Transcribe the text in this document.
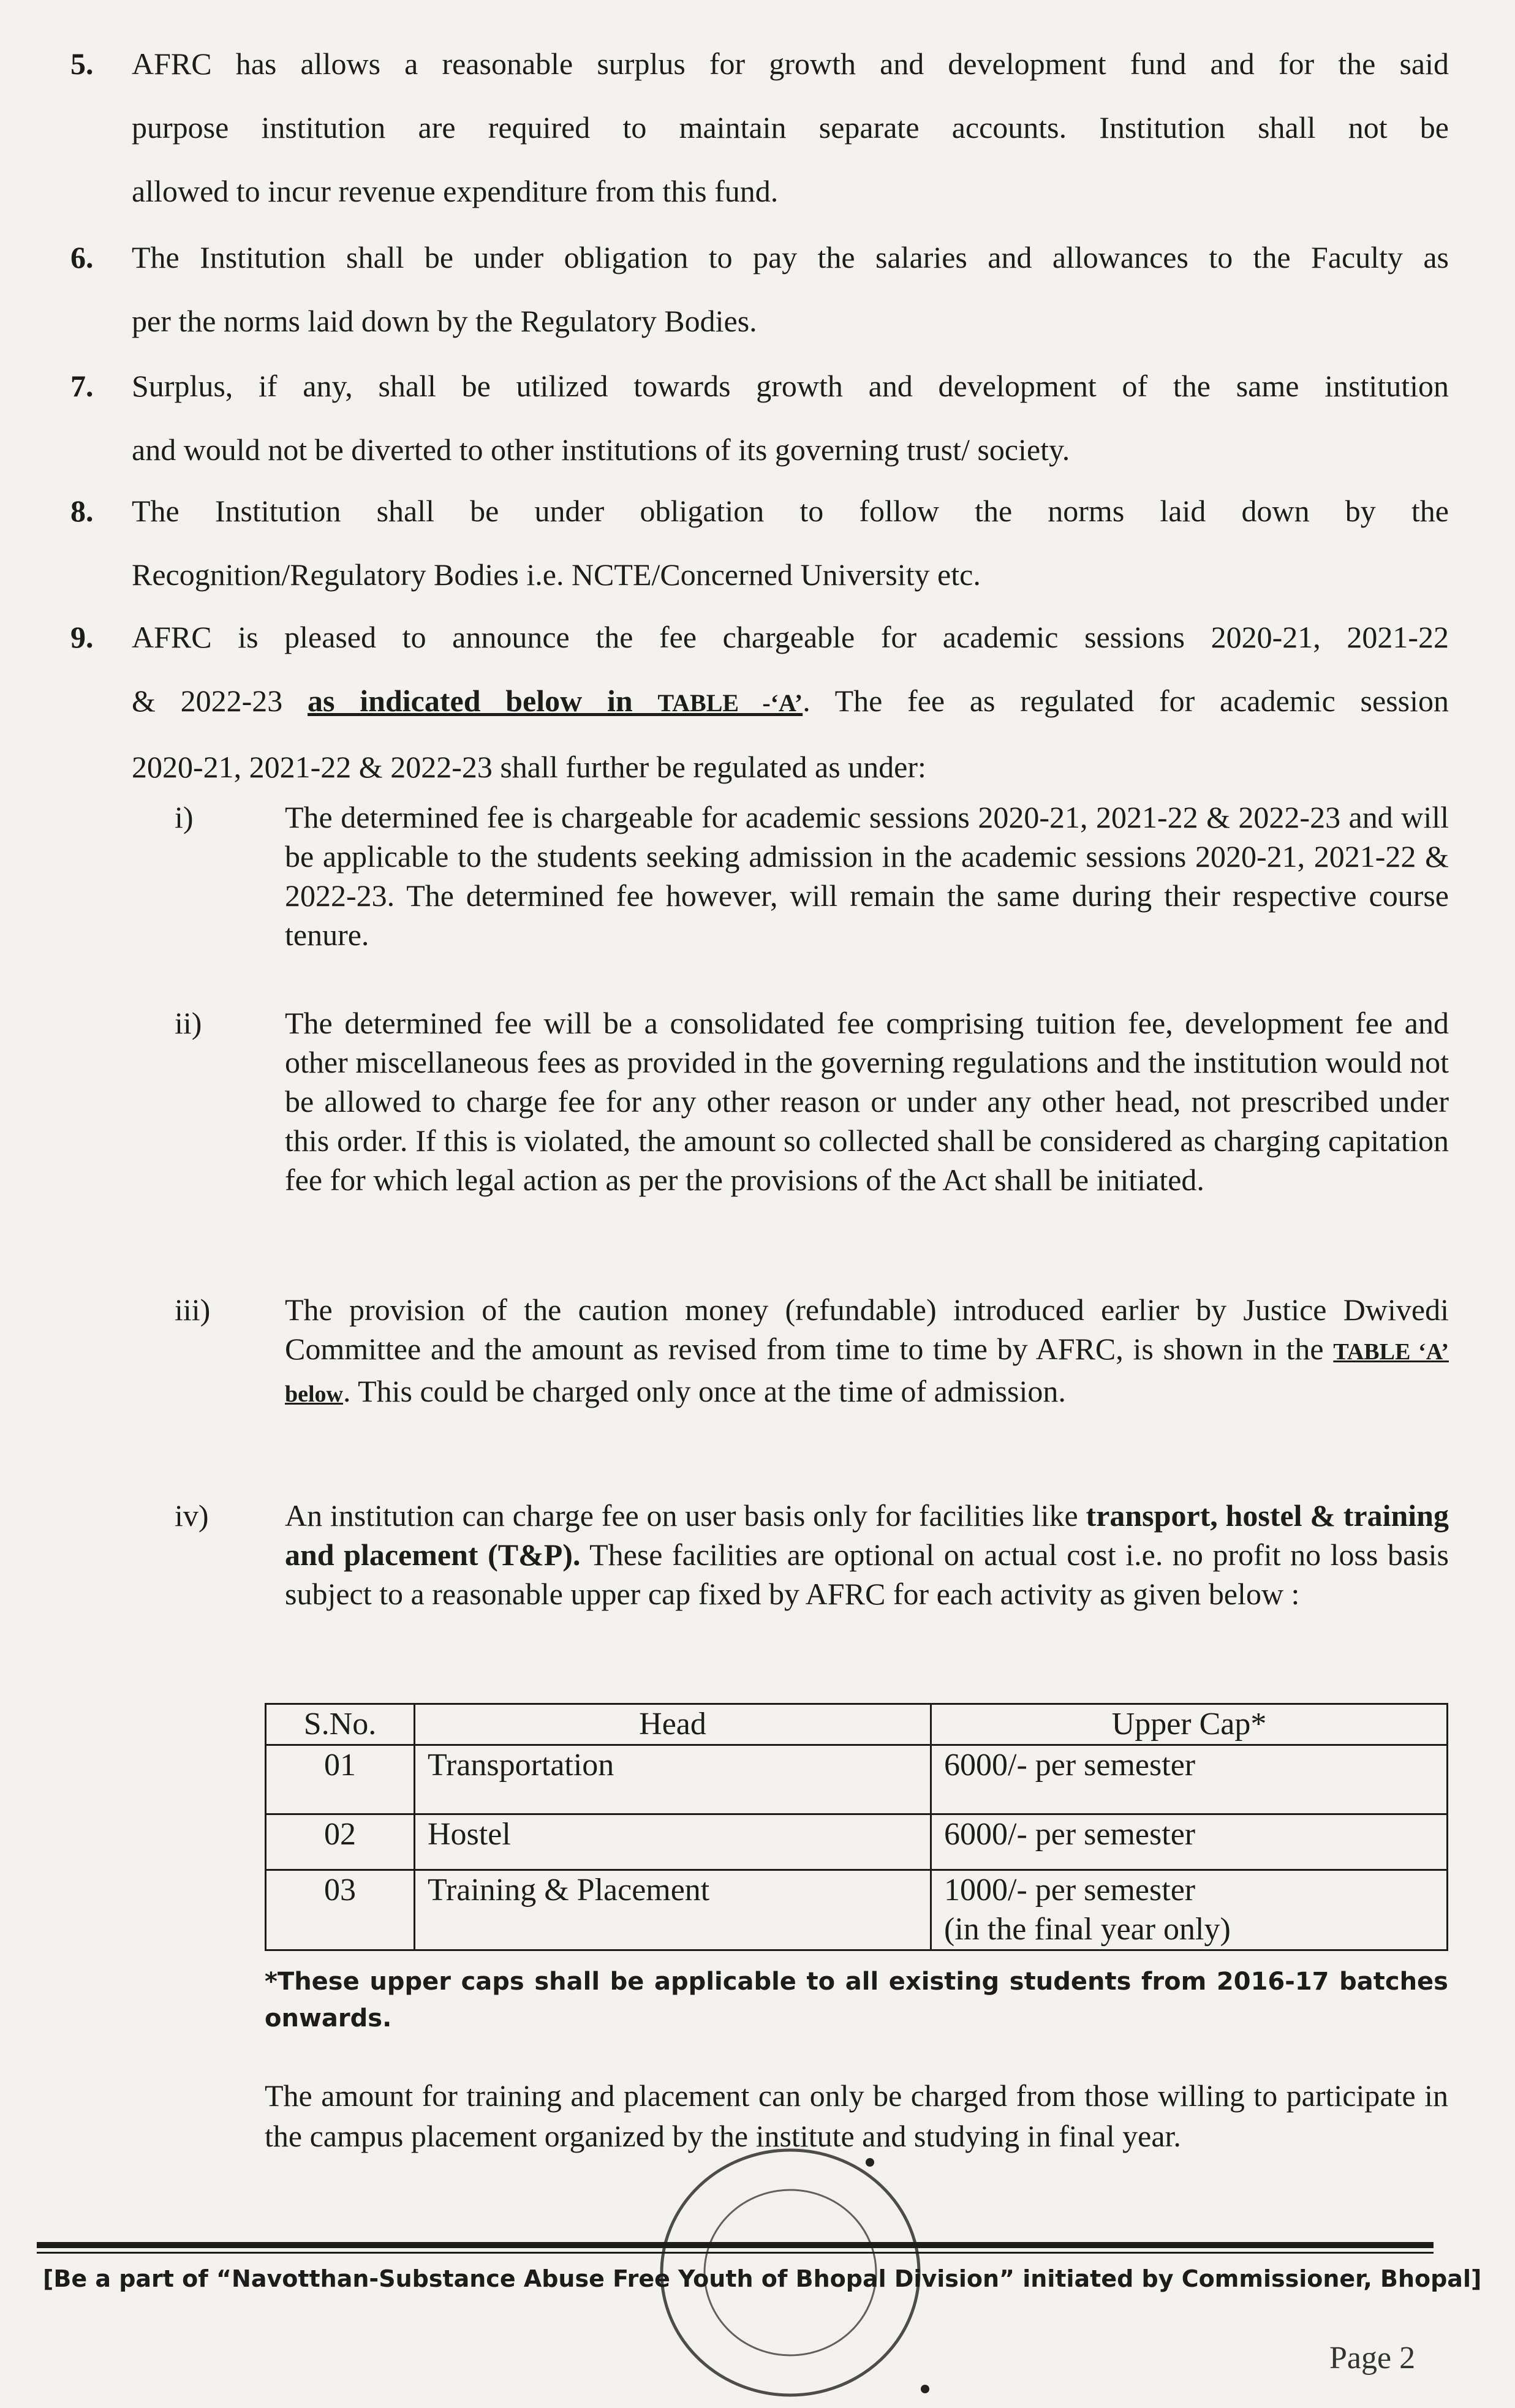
5.	AFRC has allows a reasonable surplus for growth and development fund and for the said
purpose institution are required to maintain separate accounts. Institution shall not be
allowed to incur revenue expenditure from this fund.
6.	The Institution shall be under obligation to pay the salaries and allowances to the Faculty as
per the norms laid down by the Regulatory Bodies.
7.	Surplus, if any, shall be utilized towards growth and development of the same institution
and would not be diverted to other institutions of its governing trust/ society.
8.	The Institution shall be under obligation to follow the norms laid down by the
Recognition/Regulatory Bodies i.e. NCTE/Concerned University etc.
9.	AFRC is pleased to announce the fee chargeable for academic sessions 2020-21, 2021-22
& 2022-23 as indicated below in TABLE -‘A’. The fee as regulated for academic session
2020-21, 2021-22 & 2022-23 shall further be regulated as under:
i)	The determined fee is chargeable for academic sessions 2020-21, 2021-22 & 2022-23 and will be applicable to the students seeking admission in the academic sessions 2020-21, 2021-22 & 2022-23. The determined fee however, will remain the same during their respective course tenure.
ii)	The determined fee will be a consolidated fee comprising tuition fee, development fee and other miscellaneous fees as provided in the governing regulations and the institution would not be allowed to charge fee for any other reason or under any other head, not prescribed under this order. If this is violated, the amount so collected shall be considered as charging capitation fee for which legal action as per the provisions of the Act shall be initiated.
iii)	The provision of the caution money (refundable) introduced earlier by Justice Dwivedi Committee and the amount as revised from time to time by AFRC, is shown in the TABLE ‘A’ below. This could be charged only once at the time of admission.
iv)	An institution can charge fee on user basis only for facilities like transport, hostel & training and placement (T&P). These facilities are optional on actual cost i.e. no profit no loss basis subject to a reasonable upper cap fixed by AFRC for each activity as given below :
S.No.	Head	Upper Cap*
01	Transportation	6000/- per semester
02	Hostel	6000/- per semester
03	Training & Placement	1000/- per semester
(in the final year only)
*These upper caps shall be applicable to all existing students from 2016-17 batches onwards.
The amount for training and placement can only be charged from those willing to participate in the campus placement organized by the institute and studying in final year.
[Be a part of “Navotthan-Substance Abuse Free Youth of Bhopal Division” initiated by Commissioner, Bhopal]
Page 2
